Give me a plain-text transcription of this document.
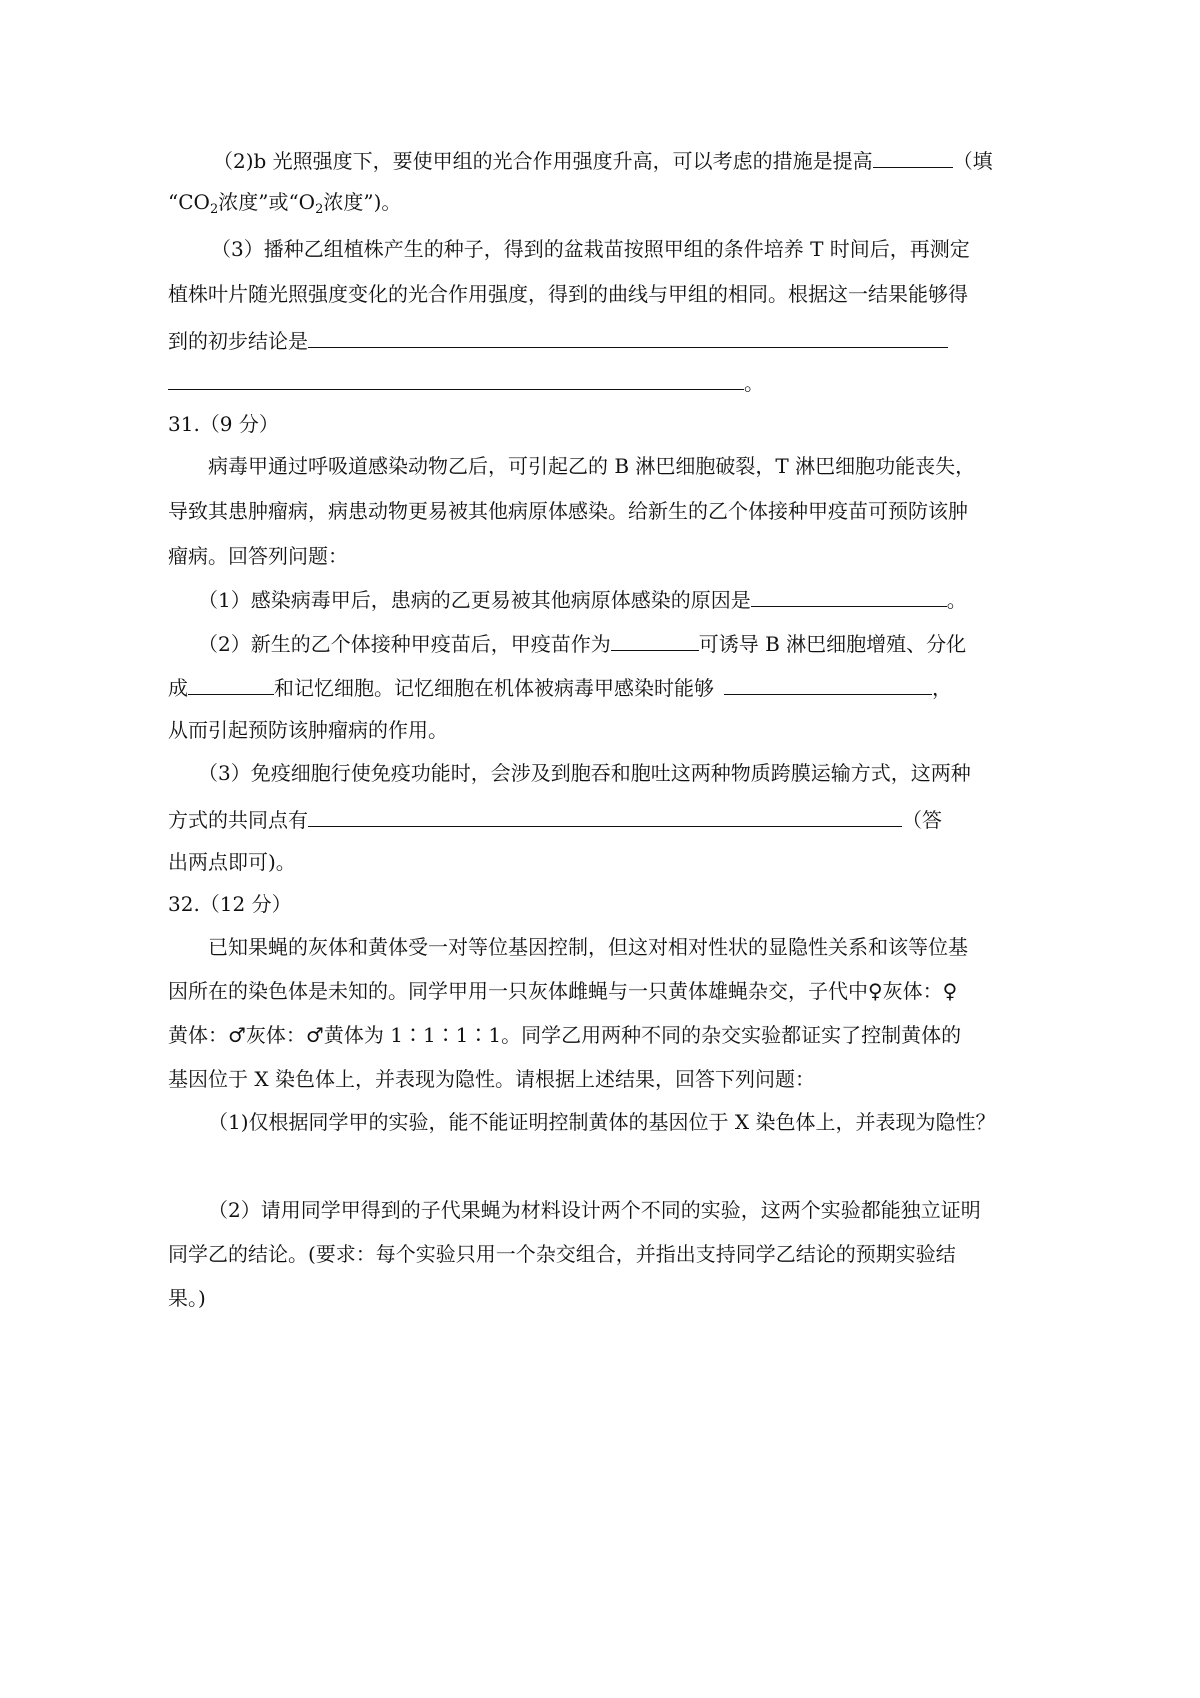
（2)b 光照强度下，要使甲组的光合作用强度升高，可以考虑的措施是提高	（填
“$CO_2$浓度”或“$O_2$浓度”)。
（3）播种乙组植株产生的种子，得到的盆栽苗按照甲组的条件培养 T 时间后，再测定
植株叶片随光照强度变化的光合作用强度，得到的曲线与甲组的相同。根据这一结果能够得
到的初步结论是
。
31.（9 分）
病毒甲通过呼吸道感染动物乙后，可引起乙的 B 淋巴细胞破裂，T 淋巴细胞功能丧失，
导致其患肿瘤病，病患动物更易被其他病原体感染。给新生的乙个体接种甲疫苗可预防该肿
瘤病。回答列问题：
（1）感染病毒甲后，患病的乙更易被其他病原体感染的原因是	。
（2）新生的乙个体接种甲疫苗后，甲疫苗作为	可诱导 B 淋巴细胞增殖、分化
成	和记忆细胞。记忆细胞在机体被病毒甲感染时能够	，
从而引起预防该肿瘤病的作用。
（3）免疫细胞行使免疫功能时，会涉及到胞吞和胞吐这两种物质跨膜运输方式，这两种
方式的共同点有	（答
出两点即可)。
32.（12 分）
已知果蝇的灰体和黄体受一对等位基因控制，但这对相对性状的显隐性关系和该等位基
因所在的染色体是未知的。同学甲用一只灰体雌蝇与一只黄体雄蝇杂交，子代中♀灰体：♀
黄体：♂灰体：♂黄体为 1∶1∶1∶1。同学乙用两种不同的杂交实验都证实了控制黄体的
基因位于 X 染色体上，并表现为隐性。请根据上述结果，回答下列问题：
（1)仅根据同学甲的实验，能不能证明控制黄体的基因位于 X 染色体上，并表现为隐性？
（2）请用同学甲得到的子代果蝇为材料设计两个不同的实验，这两个实验都能独立证明
同学乙的结论。(要求：每个实验只用一个杂交组合，并指出支持同学乙结论的预期实验结
果。)
